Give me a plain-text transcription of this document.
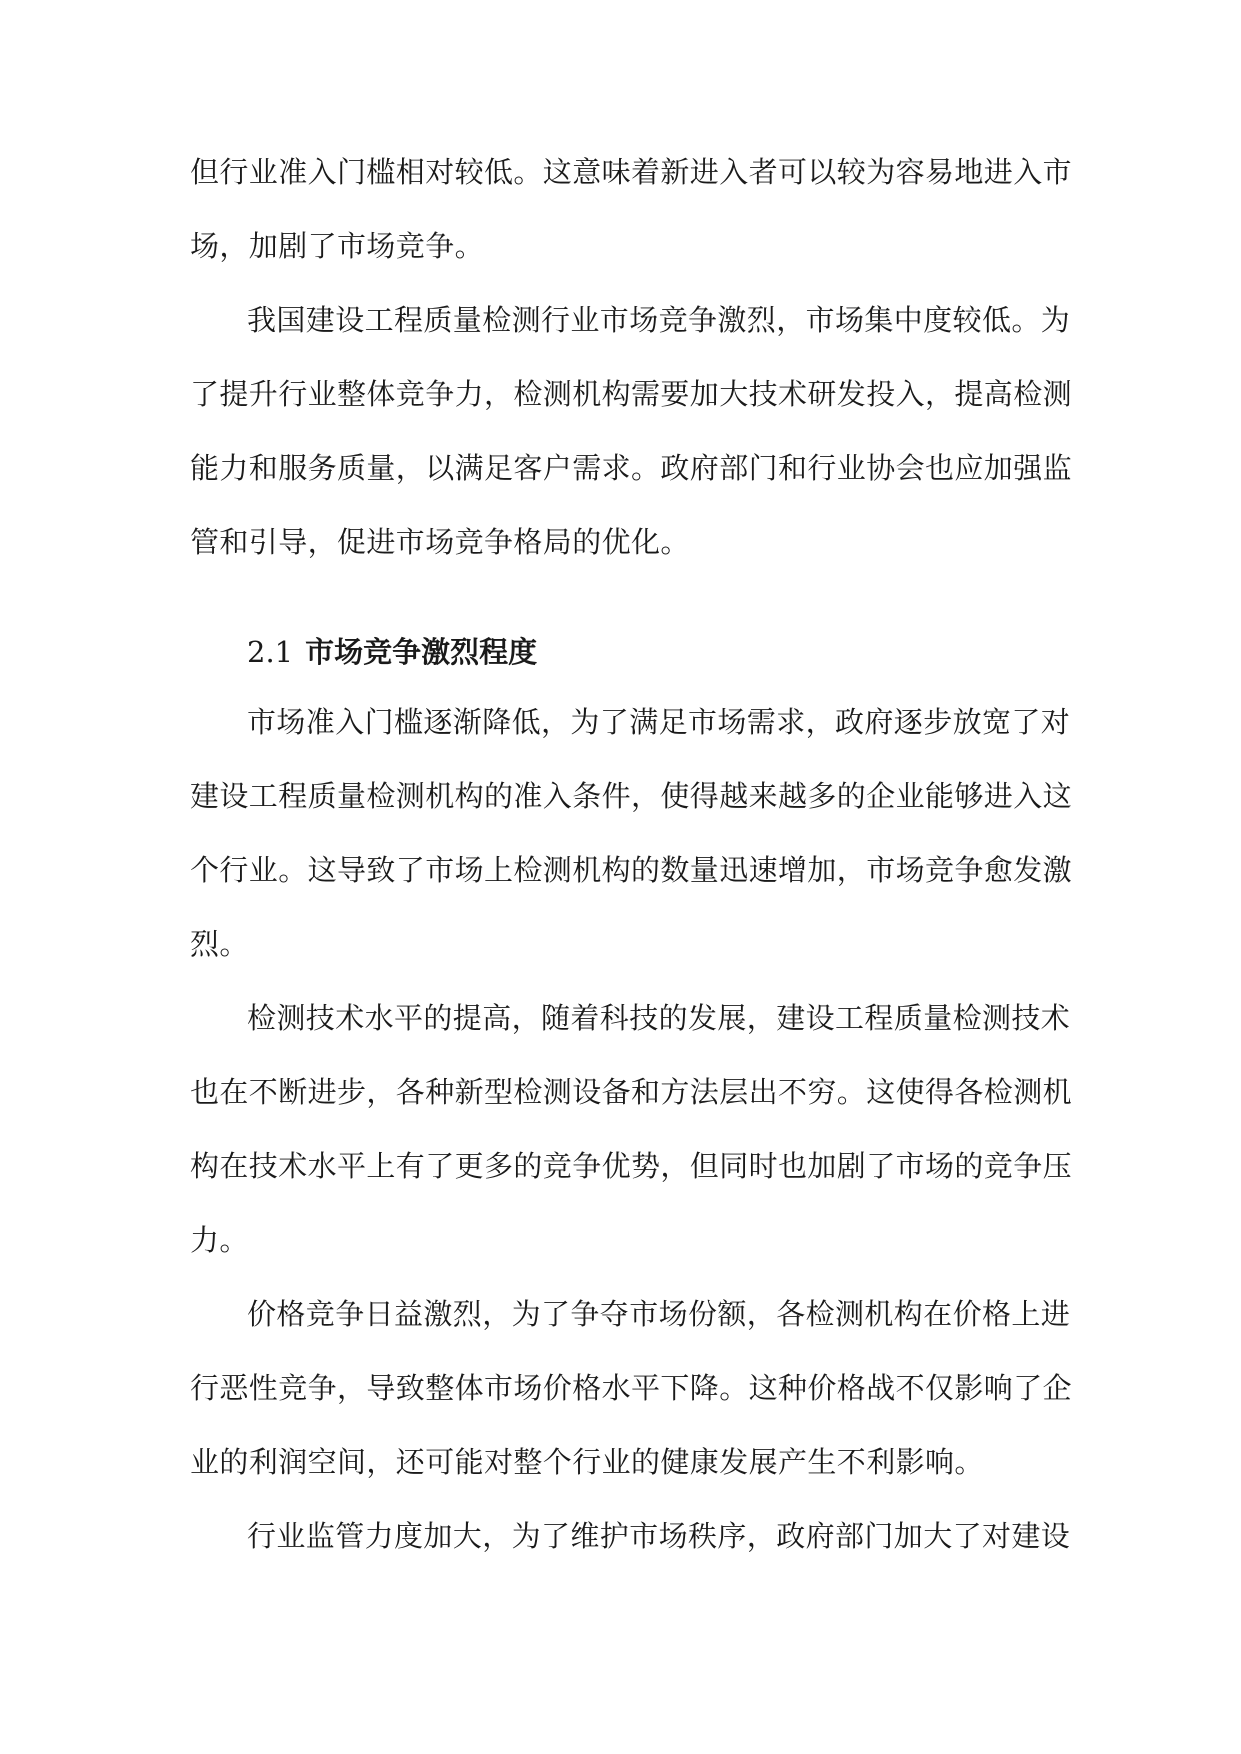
但行业准入门槛相对较低。这意味着新进入者可以较为容易地进入市
场，加剧了市场竞争。
我国建设工程质量检测行业市场竞争激烈，市场集中度较低。为
了提升行业整体竞争力，检测机构需要加大技术研发投入，提高检测
能力和服务质量，以满足客户需求。政府部门和行业协会也应加强监
管和引导，促进市场竞争格局的优化。
2.1 市场竞争激烈程度
市场准入门槛逐渐降低，为了满足市场需求，政府逐步放宽了对
建设工程质量检测机构的准入条件，使得越来越多的企业能够进入这
个行业。这导致了市场上检测机构的数量迅速增加，市场竞争愈发激
烈。
检测技术水平的提高，随着科技的发展，建设工程质量检测技术
也在不断进步，各种新型检测设备和方法层出不穷。这使得各检测机
构在技术水平上有了更多的竞争优势，但同时也加剧了市场的竞争压
力。
价格竞争日益激烈，为了争夺市场份额，各检测机构在价格上进
行恶性竞争，导致整体市场价格水平下降。这种价格战不仅影响了企
业的利润空间，还可能对整个行业的健康发展产生不利影响。
行业监管力度加大，为了维护市场秩序，政府部门加大了对建设
